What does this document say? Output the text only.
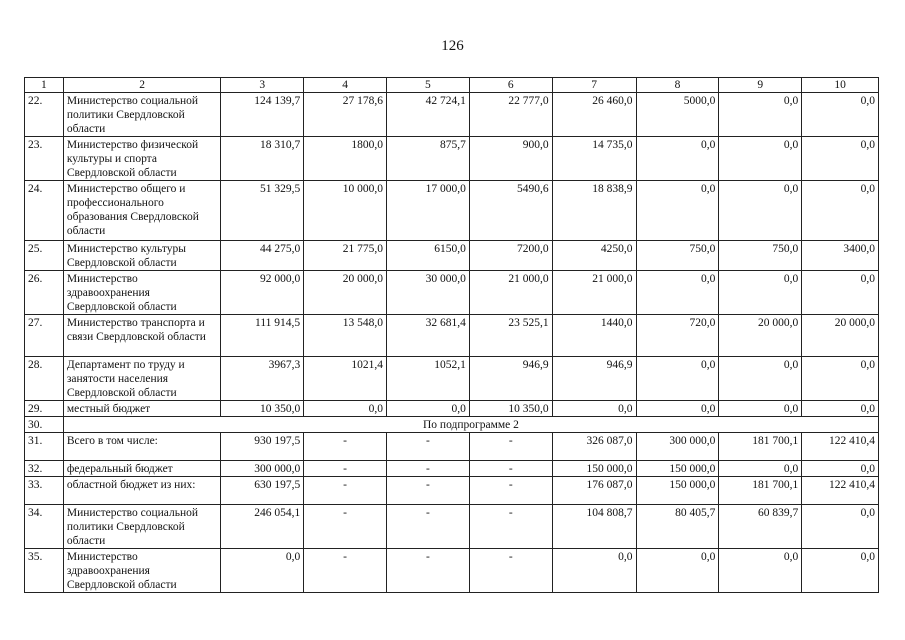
126
1	2	3	4	5	6	7	8	9	10
22.	Министерство социальной политики Свердловской области	124 139,7	27 178,6	42 724,1	22 777,0	26 460,0	5000,0	0,0	0,0
23.	Министерство физической культуры и спорта Свердловской области	18 310,7	1800,0	875,7	900,0	14 735,0	0,0	0,0	0,0
24.	Министерство общего и профессионального образования Свердловской области	51 329,5	10 000,0	17 000,0	5490,6	18 838,9	0,0	0,0	0,0
25.	Министерство культуры Свердловской области	44 275,0	21 775,0	6150,0	7200,0	4250,0	750,0	750,0	3400,0
26.	Министерство здравоохранения Свердловской области	92 000,0	20 000,0	30 000,0	21 000,0	21 000,0	0,0	0,0	0,0
27.	Министерство транспорта и связи Свердловской области	111 914,5	13 548,0	32 681,4	23 525,1	1440,0	720,0	20 000,0	20 000,0
28.	Департамент по труду и занятости населения Свердловской области	3967,3	1021,4	1052,1	946,9	946,9	0,0	0,0	0,0
29.	местный бюджет	10 350,0	0,0	0,0	10 350,0	0,0	0,0	0,0	0,0
30.	По подпрограмме 2								
31.	Всего в том числе:	930 197,5	-	-	-	326 087,0	300 000,0	181 700,1	122 410,4
32.	федеральный бюджет	300 000,0	-	-	-	150 000,0	150 000,0	0,0	0,0
33.	областной бюджет из них:	630 197,5	-	-	-	176 087,0	150 000,0	181 700,1	122 410,4
34.	Министерство социальной политики Свердловской области	246 054,1	-	-	-	104 808,7	80 405,7	60 839,7	0,0
35.	Министерство здравоохранения Свердловской области	0,0	-	-	-	0,0	0,0	0,0	0,0
